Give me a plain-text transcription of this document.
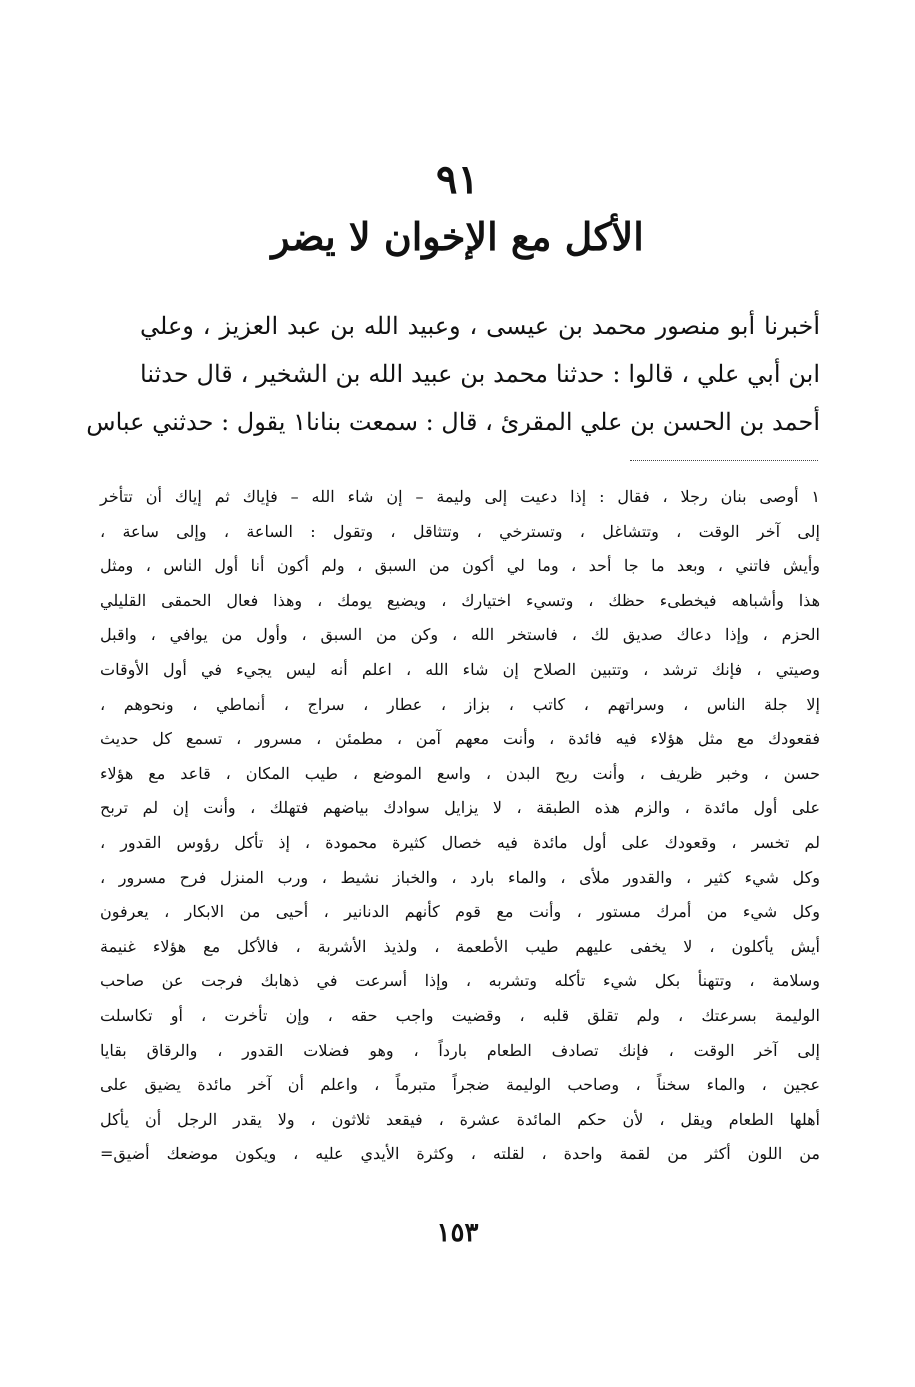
٩١
الأكل مع الإخوان لا يضر
أخبرنا أبو منصور محمد بن عيسى ، وعبيد الله بن عبد العزيز ، وعلي
ابن أبي علي ، قالوا : حدثنا محمد بن عبيد الله بن الشخير ، قال حدثنا
أحمد بن الحسن بن علي المقرئ ، قال : سمعت بنانا١ يقول : حدثني عباس
١ أوصى بنان رجلا ، فقال : إذا دعيت إلى وليمة – إن شاء الله – فإياك ثم إياك أن تتأخر
إلى آخر الوقت ، وتتشاغل ، وتسترخي ، وتتثاقل ، وتقول : الساعة ، وإلى ساعة ،
وأيش فاتني ، وبعد ما جا أحد ، وما لي أكون من السبق ، ولم أكون أنا أول الناس ، ومثل
هذا وأشباهه فيخطىء حظك ، وتسيء اختيارك ، ويضيع يومك ، وهذا فعال الحمقى القليلي
الحزم ، وإذا دعاك صديق لك ، فاستخر الله ، وكن من السبق ، وأول من يوافي ، واقبل
وصيتي ، فإنك ترشد ، وتتبين الصلاح إن شاء الله ، اعلم أنه ليس يجيء في أول الأوقات
إلا جلة الناس ، وسراتهم ، كاتب ، بزاز ، عطار ، سراج ، أنماطي ، ونحوهم ،
فقعودك مع مثل هؤلاء فيه فائدة ، وأنت معهم آمن ، مطمئن ، مسرور ، تسمع كل حديث
حسن ، وخبر ظريف ، وأنت ريح البدن ، واسع الموضع ، طيب المكان ، قاعد مع هؤلاء
على أول مائدة ، والزم هذه الطبقة ، لا يزايل سوادك بياضهم فتهلك ، وأنت إن لم تربح
لم تخسر ، وقعودك على أول مائدة فيه خصال كثيرة محمودة ، إذ تأكل رؤوس القدور ،
وكل شيء كثير ، والقدور ملأى ، والماء بارد ، والخباز نشيط ، ورب المنزل فرح مسرور ،
وكل شيء من أمرك مستور ، وأنت مع قوم كأنهم الدنانير ، أحيى من الابكار ، يعرفون
أيش يأكلون ، لا يخفى عليهم طيب الأطعمة ، ولذيذ الأشربة ، فالأكل مع هؤلاء غنيمة
وسلامة ، وتتهنأ بكل شيء تأكله وتشربه ، وإذا أسرعت في ذهابك فرجت عن صاحب
الوليمة بسرعتك ، ولم تقلق قلبه ، وقضيت واجب حقه ، وإن تأخرت ، أو تكاسلت
إلى آخر الوقت ، فإنك تصادف الطعام بارداً ، وهو فضلات القدور ، والرقاق بقايا
عجين ، والماء سخناً ، وصاحب الوليمة ضجراً متبرماً ، واعلم أن آخر مائدة يضيق على
أهلها الطعام ويقل ، لأن حكم المائدة عشرة ، فيقعد ثلاثون ، ولا يقدر الرجل أن يأكل
من اللون أكثر من لقمة واحدة ، لقلته ، وكثرة الأيدي عليه ، ويكون موضعك أضيق=
١٥٣
